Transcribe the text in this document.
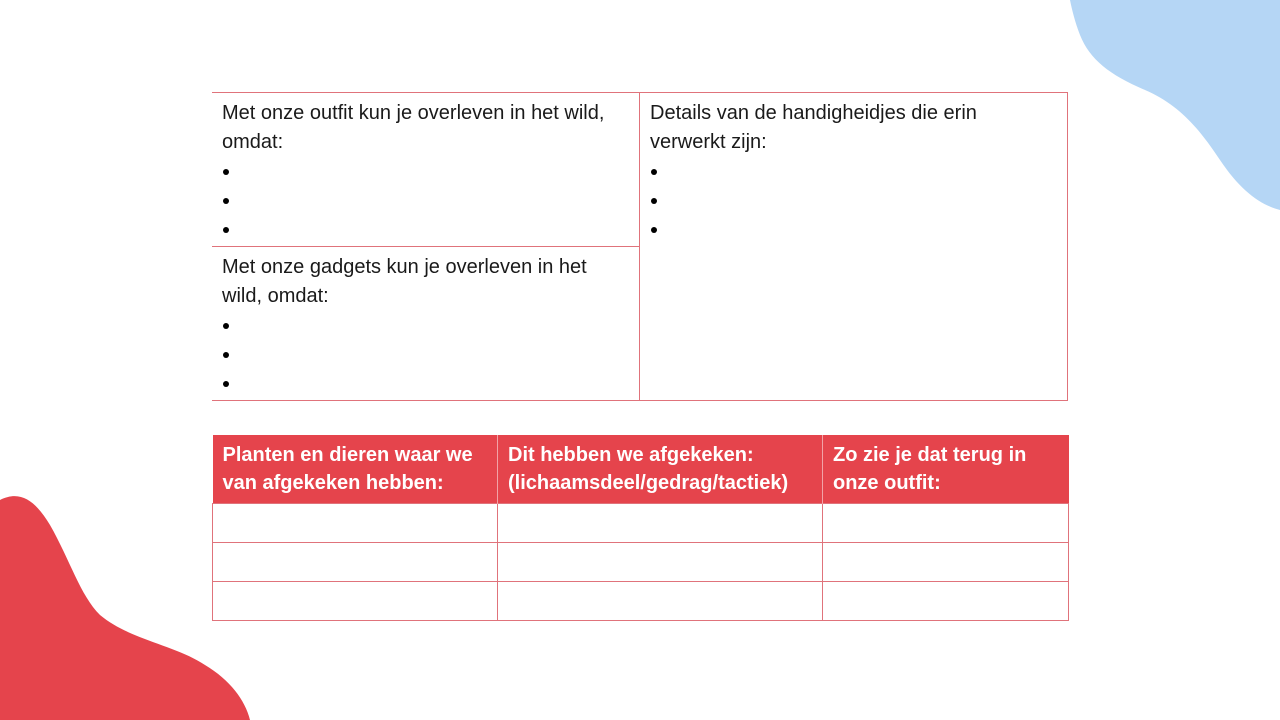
Met onze outfit kun je overleven in het wild, omdat:

Met onze gadgets kun je overleven in het wild, omdat:

Details van de handigheidjes die erin verwerkt zijn:

Planten en dieren waar we van afgekeken hebben:	Dit hebben we afgekeken: (lichaamsdeel/gedrag/tactiek)	Zo zie je dat terug in onze outfit:
